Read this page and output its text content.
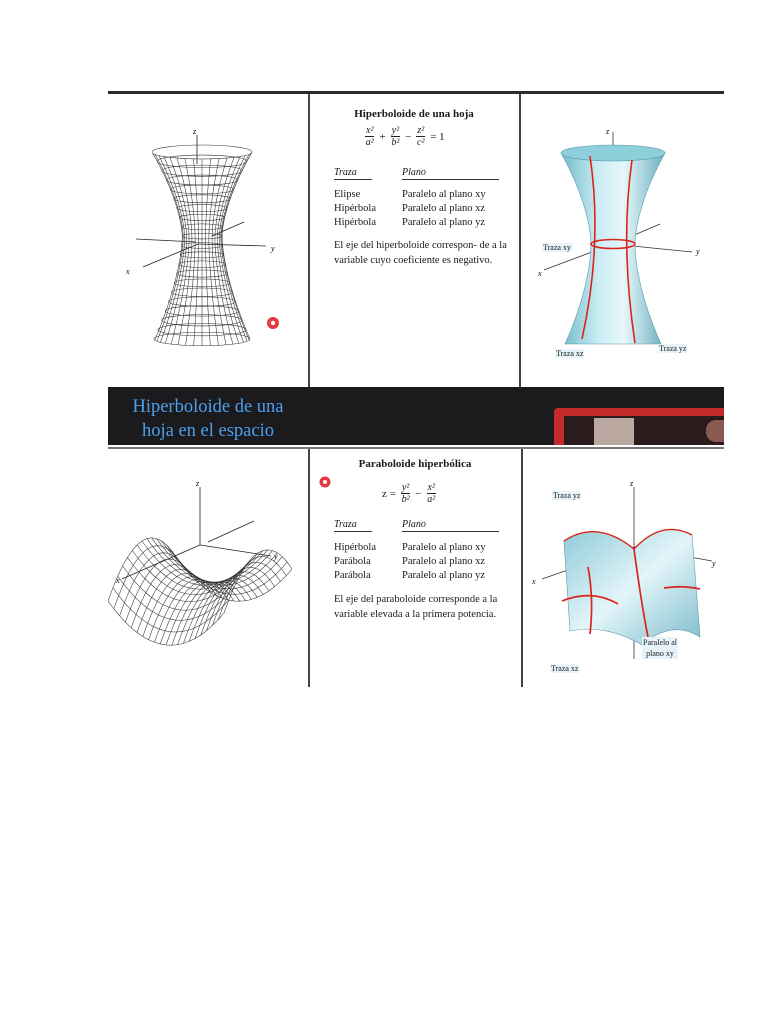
z
y
x
Hiperboloide de una hoja
$\frac{\text{x²}}{\text{a²}} + \frac{\text{y²}}{\text{b²}} - \frac{\text{z²}}{\text{c²}} = 1$
Traza	Plano
Elipse	Paralelo al plano xy
Hipérbola	Paralelo al plano xz
Hipérbola	Paralelo al plano yz
El eje del hiperboloide correspon- de a la variable cuyo coeficiente es negativo.
z
y
x
Traza xy
Traza xz
Traza yz
Hiperboloide de una
hoja en el espacio
z
y
x
Paraboloide hiperbólica
$z = \frac{\text{y²}}{\text{b²}} - \frac{\text{x²}}{\text{a²}}$
Traza	Plano
Hipérbola	Paralelo al plano xy
Parábola	Paralelo al plano xz
Parábola	Paralelo al plano yz
El eje del paraboloide corresponde a la variable elevada a la primera potencia.
z
y
x
Traza yz
Traza xz
Paralelo al
plano xy
